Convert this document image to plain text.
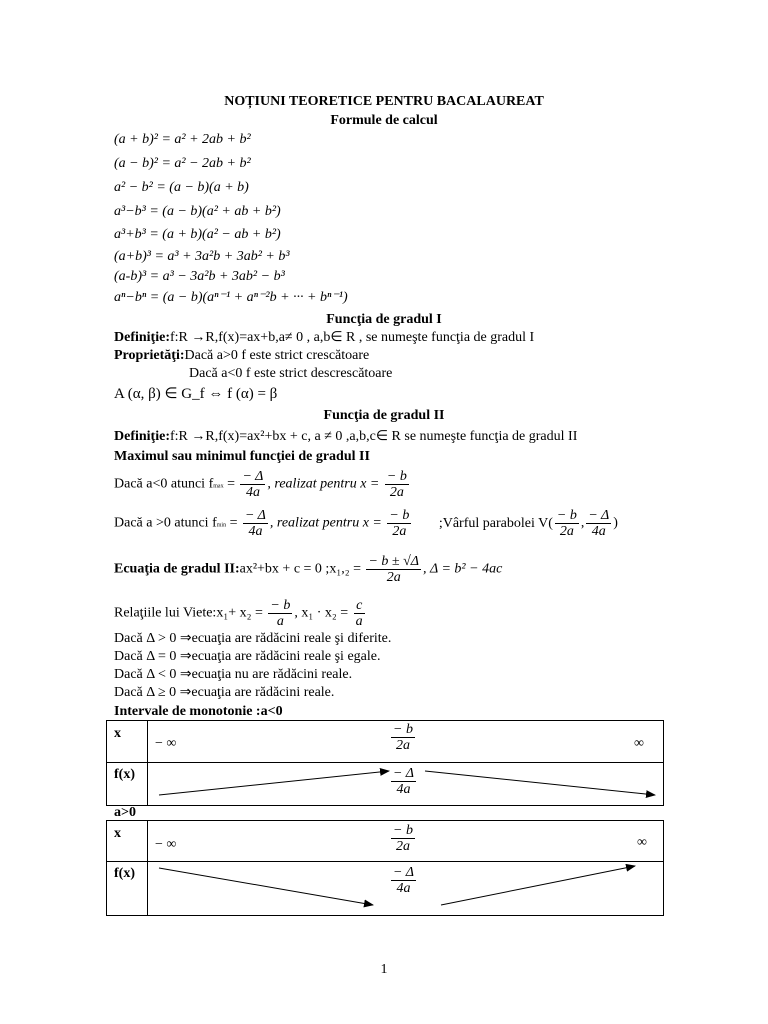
NOȚIUNI TEORETICE PENTRU BACALAUREAT
Formule de calcul
(a + b)² = a² + 2ab + b²
(a − b)² = a² − 2ab + b²
a² − b² = (a − b)(a + b)
a³−b³ = (a − b)(a² + ab + b²)
a³+b³ = (a + b)(a² − ab + b²)
(a+b)³ = a³ + 3a²b + 3ab² + b³
(a-b)³ = a³ − 3a²b + 3ab² − b³
aⁿ−bⁿ = (a − b)(aⁿ⁻¹ + aⁿ⁻²b + ··· + bⁿ⁻¹)
Funcţia de gradul I
Definiţie:f:R →R,f(x)=ax+b,a≠ 0 , a,b∈ R , se numeşte funcţia de gradul I
Proprietăţi:Dacă a>0 f este strict crescătoare
Dacă a<0 f este strict descrescătoare
A (α, β) ∈ G_f ⇔ f (α) = β
Funcţia de gradul II
Definiţie:f:R →R,f(x)=ax²+bx + c, a ≠ 0 ,a,b,c∈ R se numeşte funcţia de gradul II
Maximul sau minimul funcţiei de gradul II
Dacă a<0 atunci $fmax = \frac{- \Delta}{4a}$ , realizat pentru $x = \frac{- b}{2a}$
Dacă a >0 atunci $fmin = \frac{- \Delta}{4a}$ , realizat pentru $x = \frac{- b}{2a}$ ;Vârful parabolei $V( \frac{- b}{2a}$ , $\frac{- \Delta}{4a}$ )
Ecuaţia de gradul II:ax²+bx + c = 0 ;x₁,₂ = $\frac{- b \pm √\Delta}{2a}$ , Δ = b² − 4ac
Relaţiile lui Viete:x₁+ $x_2 = \frac{- b}{a}$ , $x_1 \cdot x_2 = \frac{c}{a}$
Dacă Δ > 0 ⇒ecuaţia are rădăcini reale şi diferite.
Dacă Δ = 0 ⇒ecuaţia are rădăcini reale şi egale.
Dacă Δ < 0 ⇒ecuaţia nu are rădăcini reale.
Dacă Δ ≥ 0 ⇒ecuaţia are rădăcini reale.
Intervale de monotonie :a<0
x
f(x)
− ∞	∞
$\frac{- b}{2a}$
$\frac{- \Delta}{4a}$
a>0
x
f(x)
− ∞	∞
$\frac{- b}{2a}$
$\frac{- \Delta}{4a}$
1
